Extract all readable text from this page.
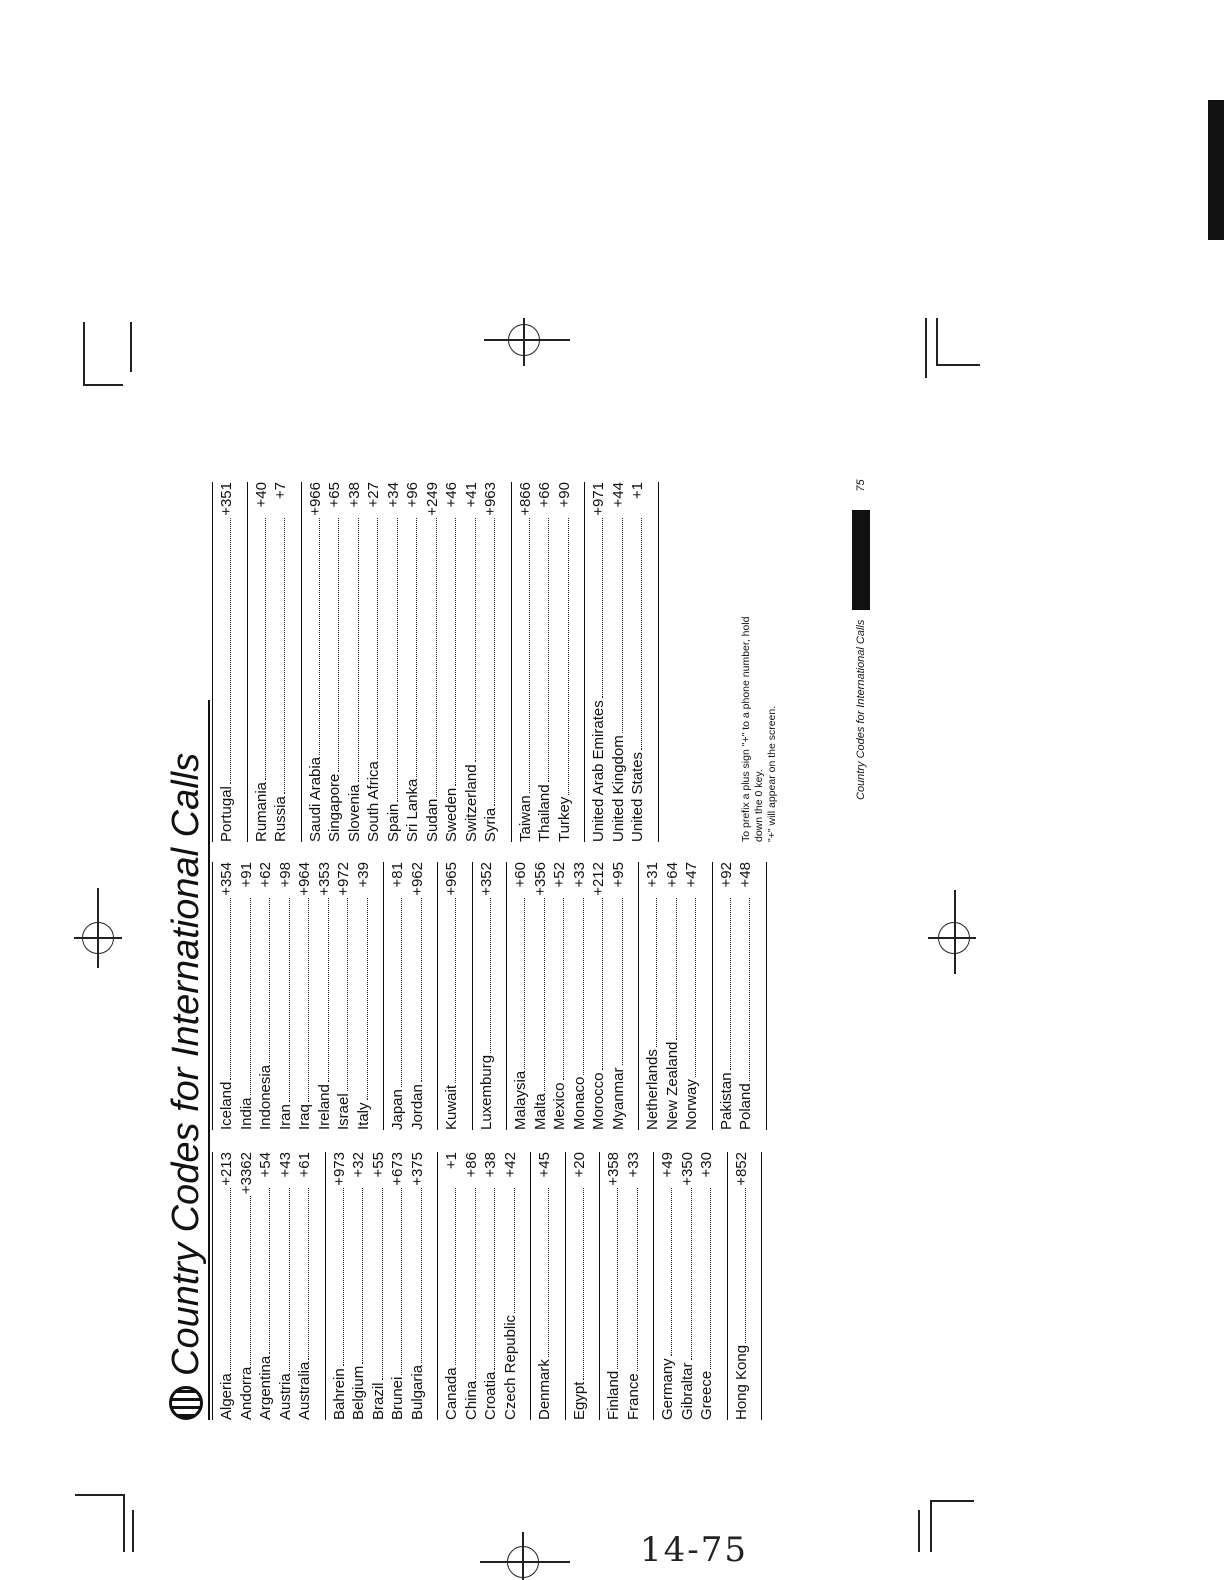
14-75
Country Codes for International Calls
Algeria
+213
Andorra
+3362
Argentina
+54
Austria
+43
Australia
+61
Bahrein
+973
Belgium
+32
Brazil
+55
Brunei
+673
Bulgaria
+375
Canada
+1
China
+86
Croatia
+38
Czech Republic
+42
Denmark
+45
Egypt
+20
Finland
+358
France
+33
Germany
+49
Gibraltar
+350
Greece
+30
Hong Kong
+852
Iceland
+354
India
+91
Indonesia
+62
Iran
+98
Iraq
+964
Ireland
+353
Israel
+972
Italy
+39
Japan
+81
Jordan
+962
Kuwait
+965
Luxemburg
+352
Malaysia
+60
Malta
+356
Mexico
+52
Monaco
+33
Morocco
+212
Myanmar
+95
Netherlands
+31
New Zealand
+64
Norway
+47
Pakistan
+92
Poland
+48
Portugal
+351
Rumania
+40
Russia
+7
Saudi Arabia
+966
Singapore
+65
Slovenia
+38
South Africa
+27
Spain
+34
Sri Lanka
+96
Sudan
+249
Sweden
+46
Switzerland
+41
Syria
+963
Taiwan
+866
Thailand
+66
Turkey
+90
United Arab Emirates
+971
United Kingdom
+44
United States
+1
To prefix a plus sign "+" to a phone number, hold down the 0 key. "+" will appear on the screen.	Country Codes for International Calls
75
